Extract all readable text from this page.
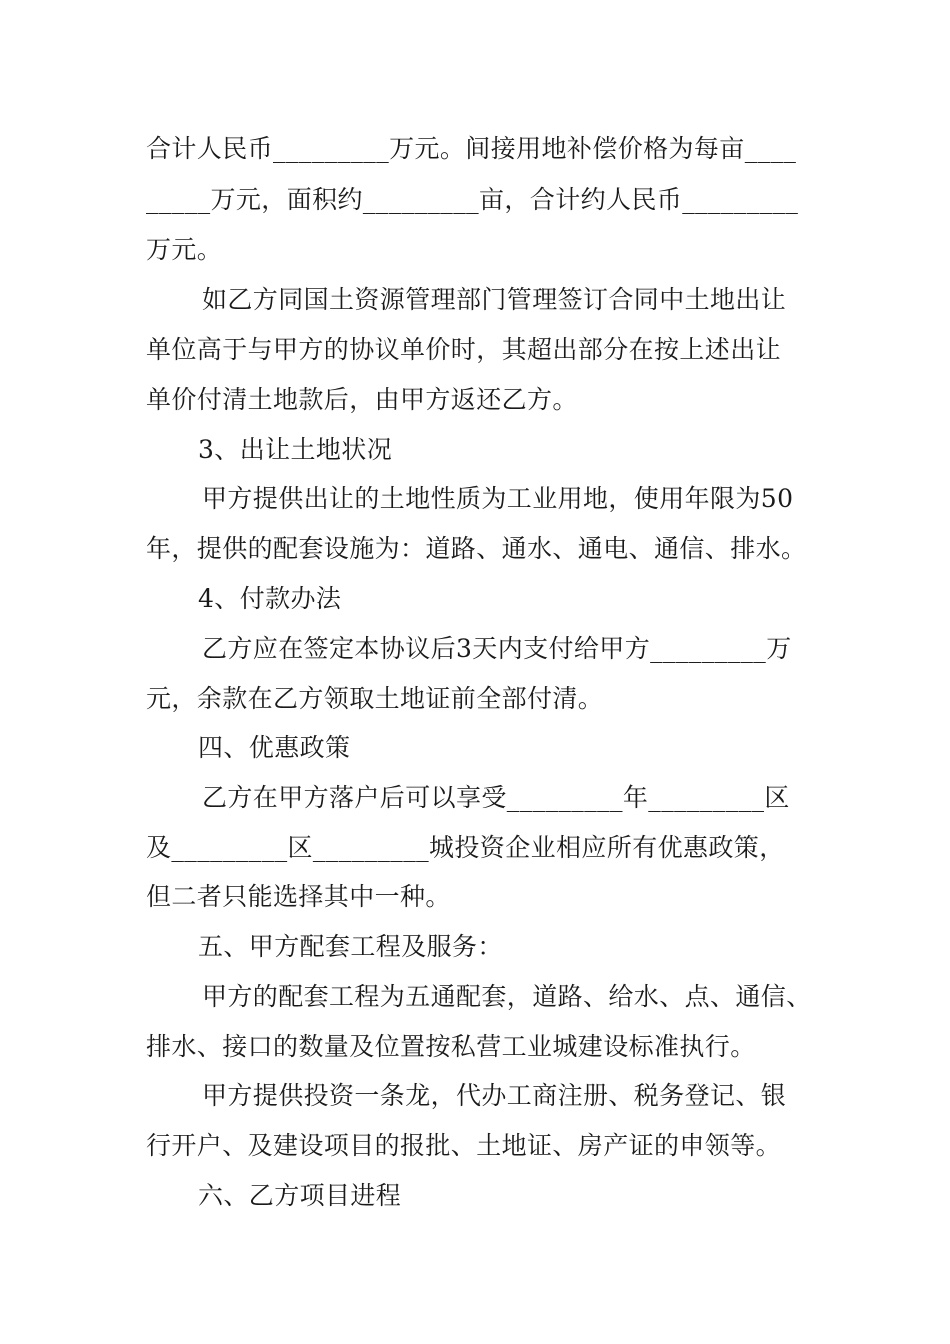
合计人民币_________万元。间接用地补偿价格为每亩____
_____万元，面积约_________亩，合计约人民币_________
万元。
如乙方同国土资源管理部门管理签订合同中土地出让
单位高于与甲方的协议单价时，其超出部分在按上述出让
单价付清土地款后，由甲方返还乙方。
3、出让土地状况
甲方提供出让的土地性质为工业用地，使用年限为50
年，提供的配套设施为：道路、通水、通电、通信、排水。
4、付款办法
乙方应在签定本协议后3天内支付给甲方_________万
元，余款在乙方领取土地证前全部付清。
四、优惠政策
乙方在甲方落户后可以享受_________年_________区
及_________区_________城投资企业相应所有优惠政策，
但二者只能选择其中一种。
五、甲方配套工程及服务：
甲方的配套工程为五通配套，道路、给水、点、通信、
排水、接口的数量及位置按私营工业城建设标准执行。
甲方提供投资一条龙，代办工商注册、税务登记、银
行开户、及建设项目的报批、土地证、房产证的申领等。
六、乙方项目进程
